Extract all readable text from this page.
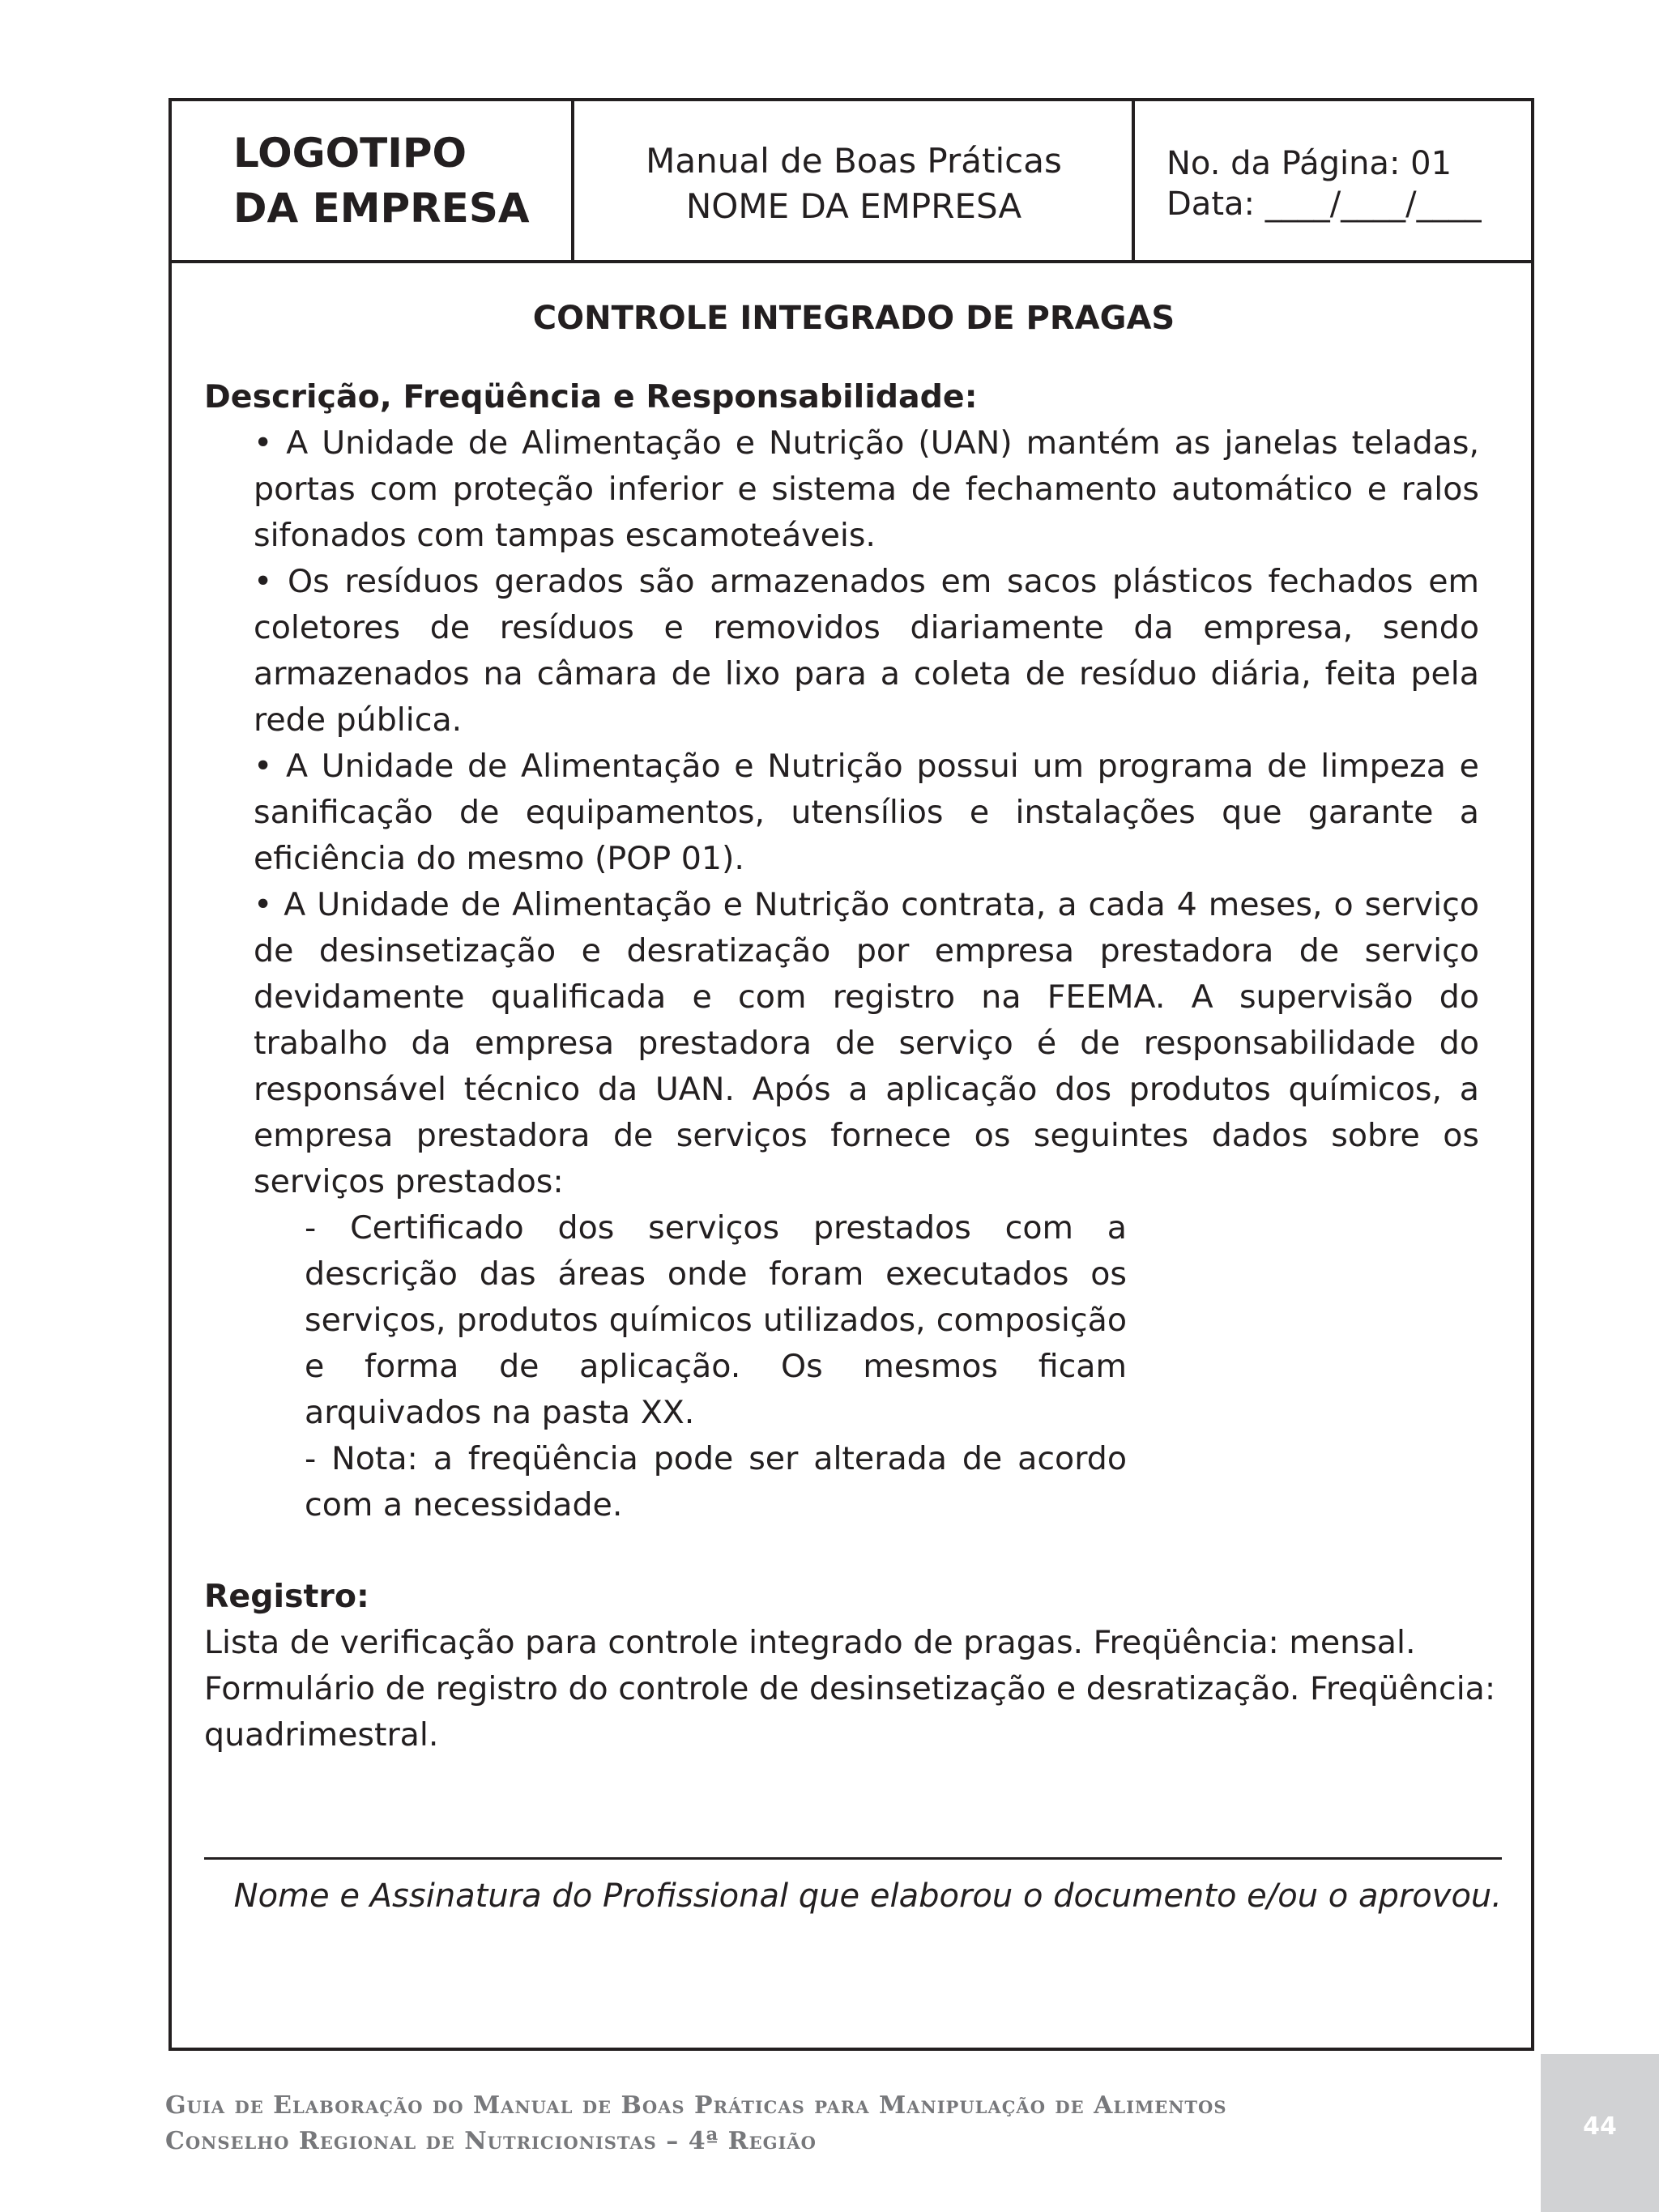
LOGOTIPO
DA EMPRESA
Manual de Boas Práticas
NOME DA EMPRESA
No. da Página: 01
Data: ____/____/____
CONTROLE INTEGRADO DE PRAGAS
Descrição, Freqüência e Responsabilidade:
• A Unidade de Alimentação e Nutrição (UAN) mantém as janelas teladas, portas com proteção inferior e sistema de fechamento automático e ralos sifonados com tampas escamoteáveis.
• Os resíduos gerados são armazenados em sacos plásticos fechados em coletores de resíduos e removidos diariamente da empresa, sendo armazenados na câmara de lixo para a coleta de resíduo diária, feita pela rede pública.
• A Unidade de Alimentação e Nutrição possui um programa de limpeza e sanificação de equipamentos, utensílios e instalações que garante a eficiência do mesmo (POP 01).
• A Unidade de Alimentação e Nutrição contrata, a cada 4 meses, o serviço de desinsetização e desratização por empresa prestadora de serviço devidamente qualificada e com registro na FEEMA. A supervisão do trabalho da empresa prestadora de serviço é de responsabilidade do responsável técnico da UAN. Após a aplicação dos produtos químicos, a empresa prestadora de serviços fornece os seguintes dados sobre os serviços prestados:
- Certificado dos serviços prestados com a descrição das áreas onde foram executados os serviços, produtos químicos utilizados, composição e forma de aplicação. Os mesmos ficam arquivados na pasta XX.
- Nota: a freqüência pode ser alterada de acordo com a necessidade.
Registro:
Lista de verificação para controle integrado de pragas. Freqüência: mensal.
Formulário de registro do controle de desinsetização e desratização. Freqüência: quadrimestral.
Nome e Assinatura do Profissional que elaborou o documento e/ou o aprovou.
Guia de Elaboração do Manual de Boas Práticas para Manipulação de Alimentos
Conselho Regional de Nutricionistas – 4ª Região
44
